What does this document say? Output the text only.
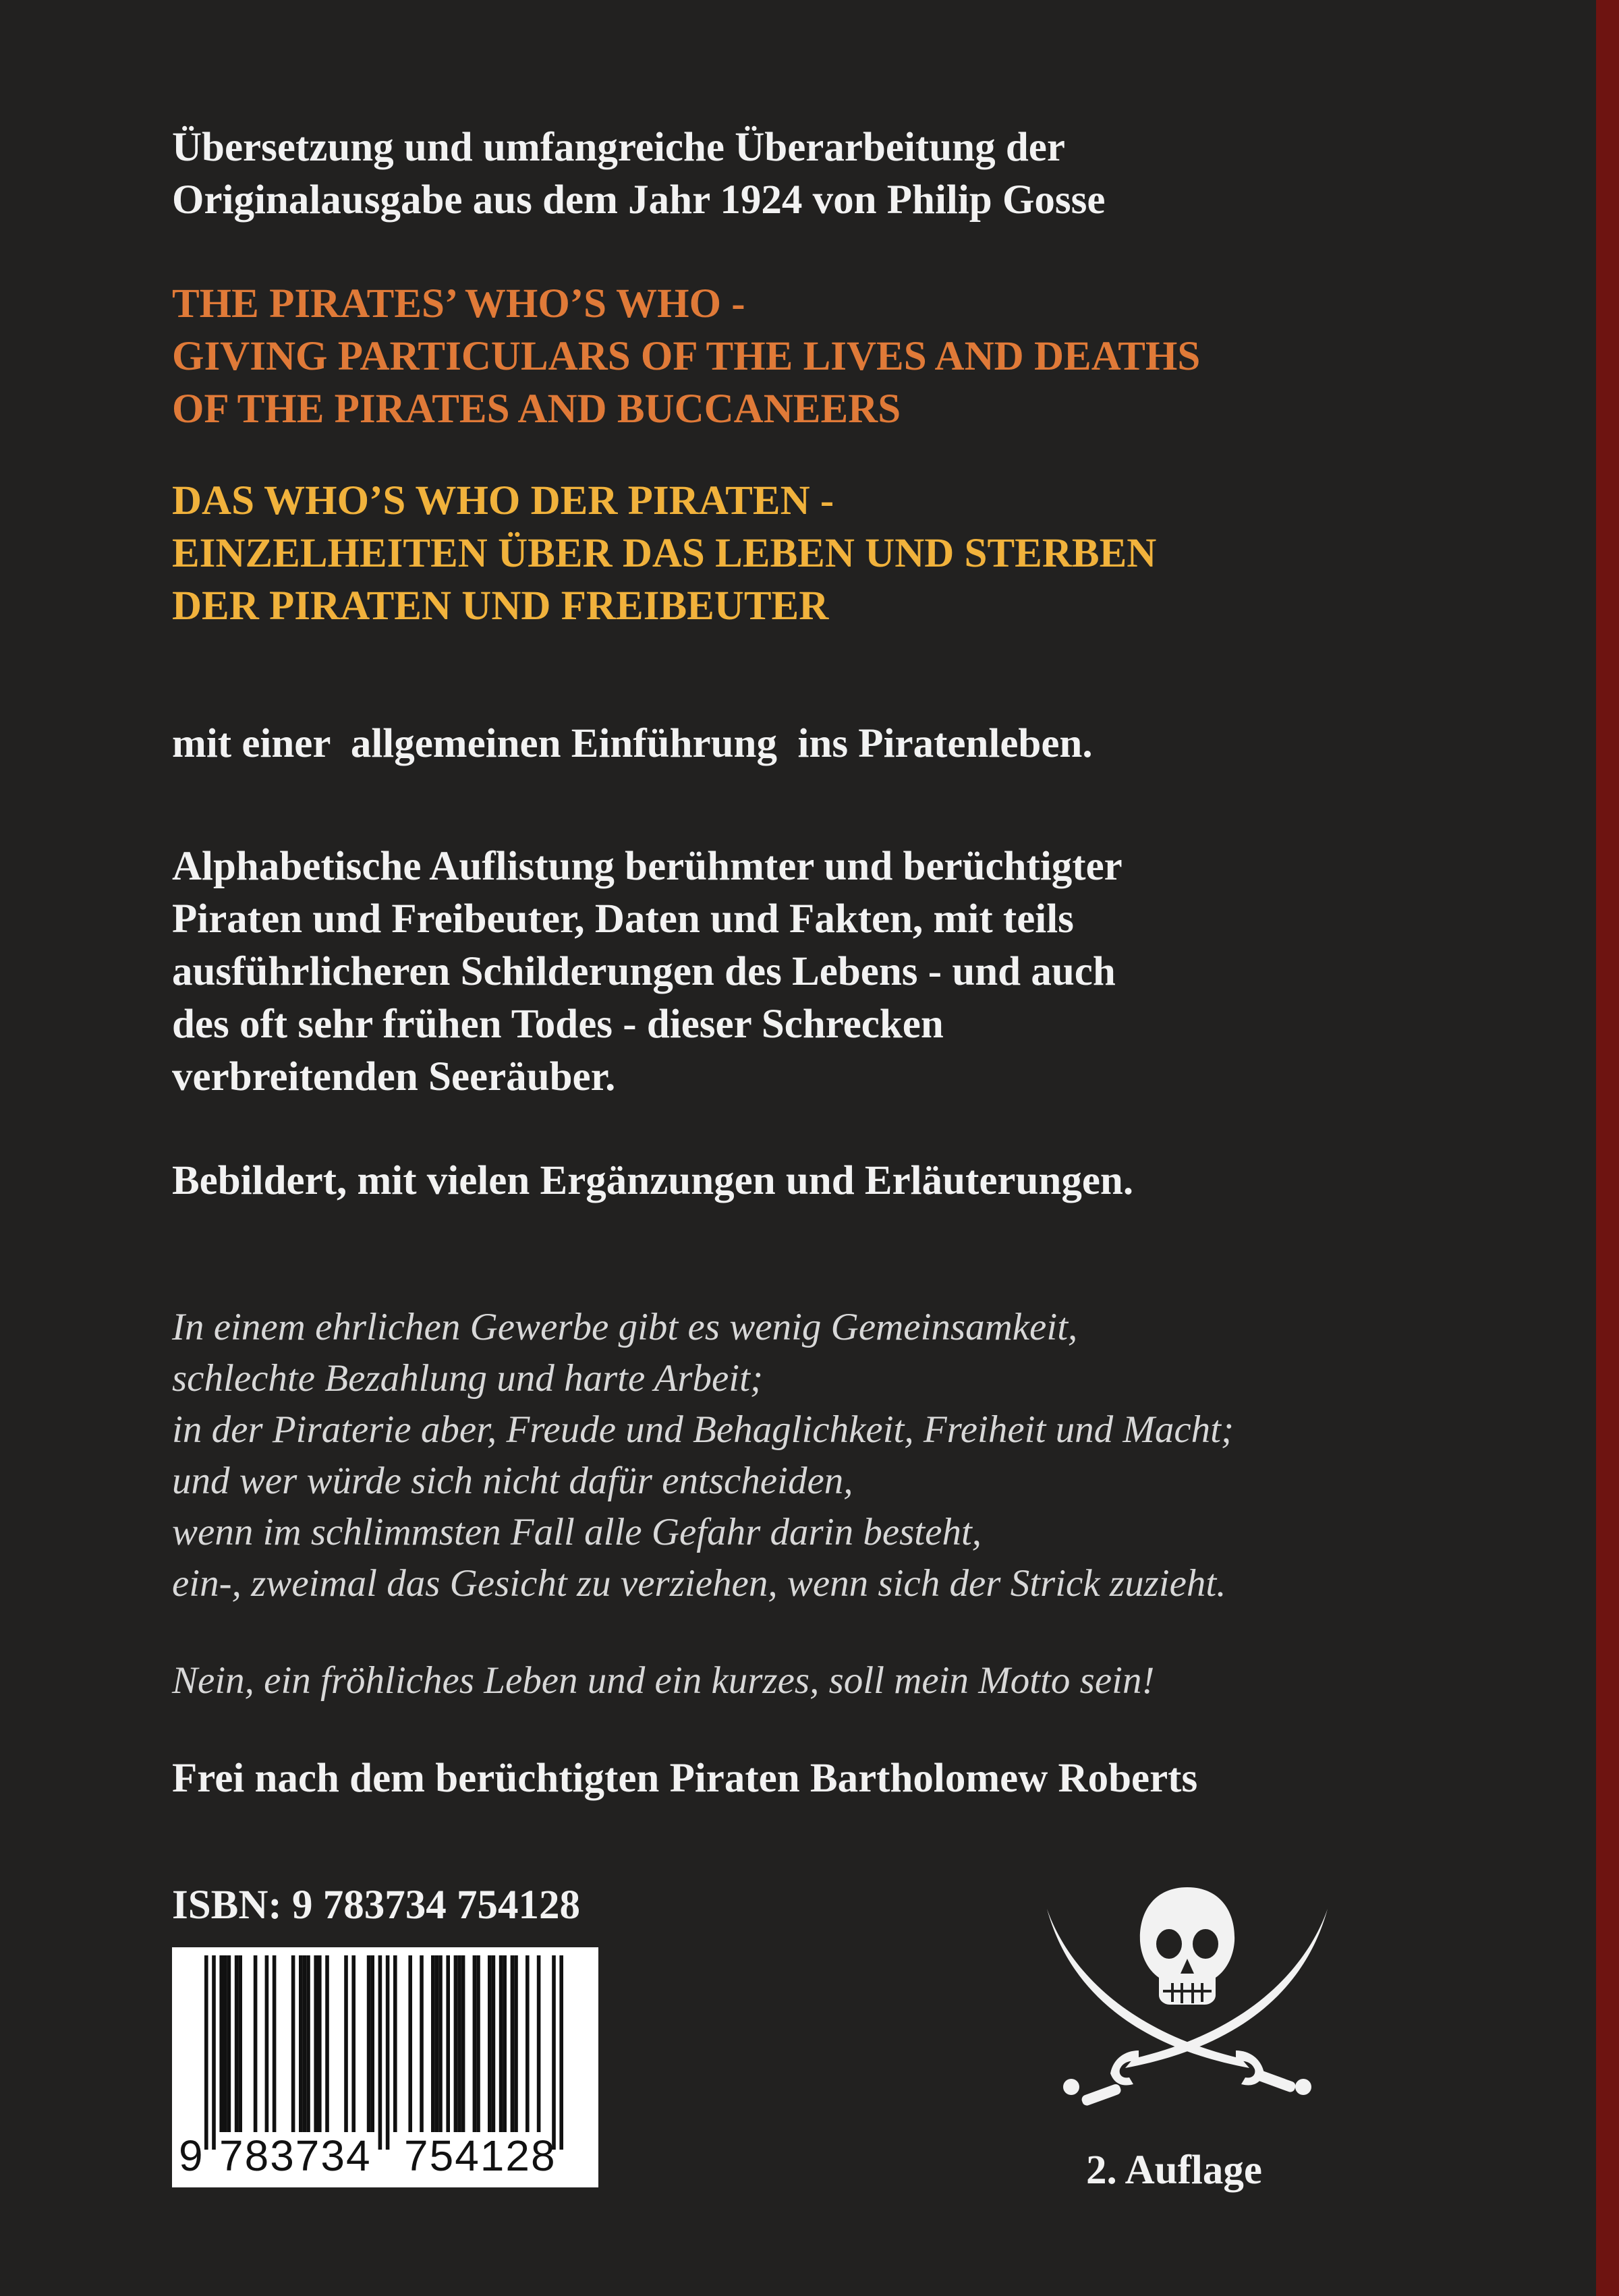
Übersetzung und umfangreiche Überarbeitung der
Originalausgabe aus dem Jahr 1924 von Philip Gosse

THE PIRATES’ WHO’S WHO -
GIVING PARTICULARS OF THE LIVES AND DEATHS
OF THE PIRATES AND BUCCANEERS

DAS WHO’S WHO DER PIRATEN -
EINZELHEITEN ÜBER DAS LEBEN UND STERBEN
DER PIRATEN UND FREIBEUTER

mit einer  allgemeinen Einführung  ins Piratenleben.

Alphabetische Auflistung berühmter und berüchtigter
Piraten und Freibeuter, Daten und Fakten, mit teils
ausführlicheren Schilderungen des Lebens - und auch
des oft sehr frühen Todes - dieser Schrecken
verbreitenden Seeräuber.

Bebildert, mit vielen Ergänzungen und Erläuterungen.

In einem ehrlichen Gewerbe gibt es wenig Gemeinsamkeit,
schlechte Bezahlung und harte Arbeit;
in der Piraterie aber, Freude und Behaglichkeit, Freiheit und Macht;
und wer würde sich nicht dafür entscheiden,
wenn im schlimmsten Fall alle Gefahr darin besteht,
ein-, zweimal das Gesicht zu verziehen, wenn sich der Strick zuzieht.

Nein, ein fröhliches Leben und ein kurzes, soll mein Motto sein!

Frei nach dem berüchtigten Piraten Bartholomew Roberts

ISBN: 9 783734 754128
9 783734 754128	2. Auflage
